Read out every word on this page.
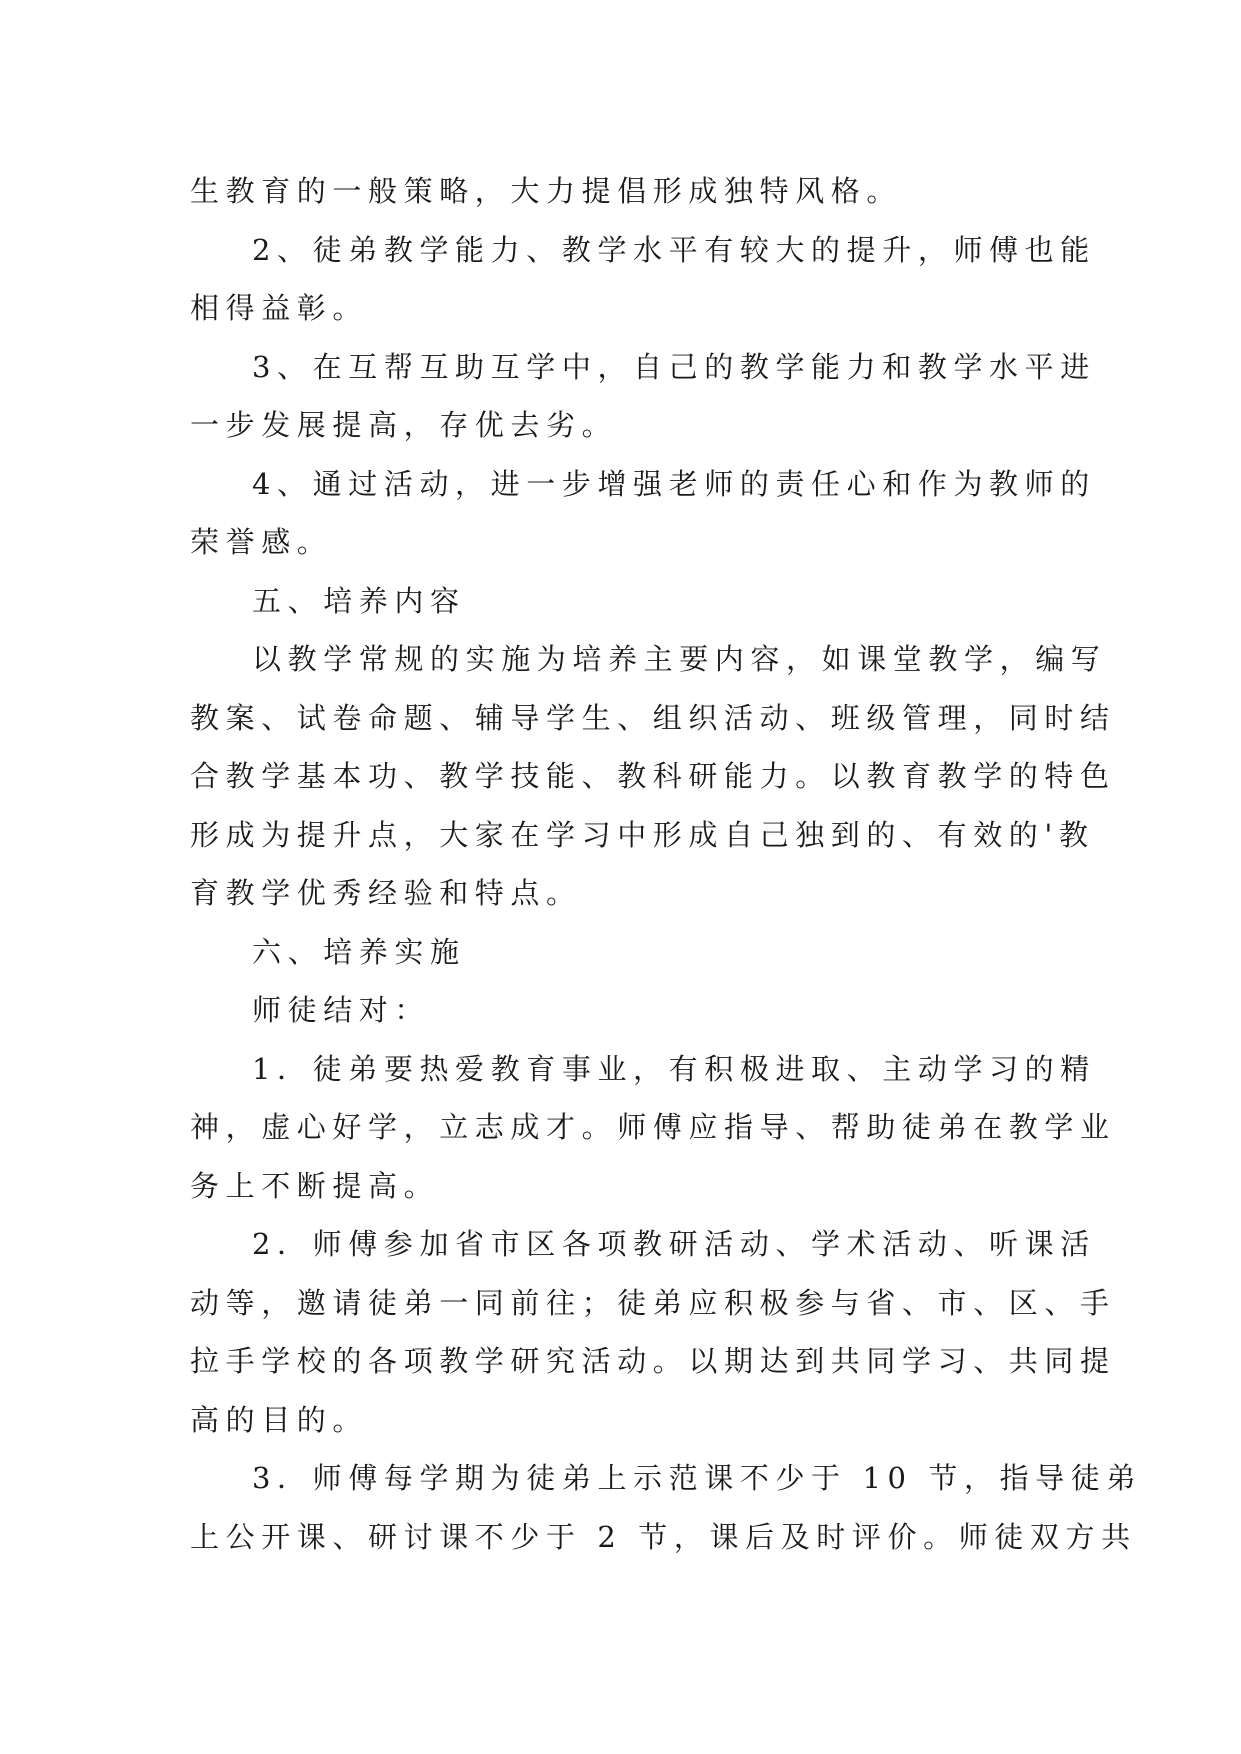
生教育的一般策略，大力提倡形成独特风格。
2、徒弟教学能力、教学水平有较大的提升，师傅也能
相得益彰。
3、在互帮互助互学中，自己的教学能力和教学水平进
一步发展提高，存优去劣。
4、通过活动，进一步增强老师的责任心和作为教师的
荣誉感。
五、培养内容
以教学常规的实施为培养主要内容，如课堂教学，编写
教案、试卷命题、辅导学生、组织活动、班级管理，同时结
合教学基本功、教学技能、教科研能力。以教育教学的特色
形成为提升点，大家在学习中形成自己独到的、有效的'教
育教学优秀经验和特点。
六、培养实施
师徒结对：
1．徒弟要热爱教育事业，有积极进取、主动学习的精
神，虚心好学，立志成才。师傅应指导、帮助徒弟在教学业
务上不断提高。
2．师傅参加省市区各项教研活动、学术活动、听课活
动等，邀请徒弟一同前往；徒弟应积极参与省、市、区、手
拉手学校的各项教学研究活动。以期达到共同学习、共同提
高的目的。
3．师傅每学期为徒弟上示范课不少于 10 节，指导徒弟
上公开课、研讨课不少于 2 节，课后及时评价。师徒双方共
